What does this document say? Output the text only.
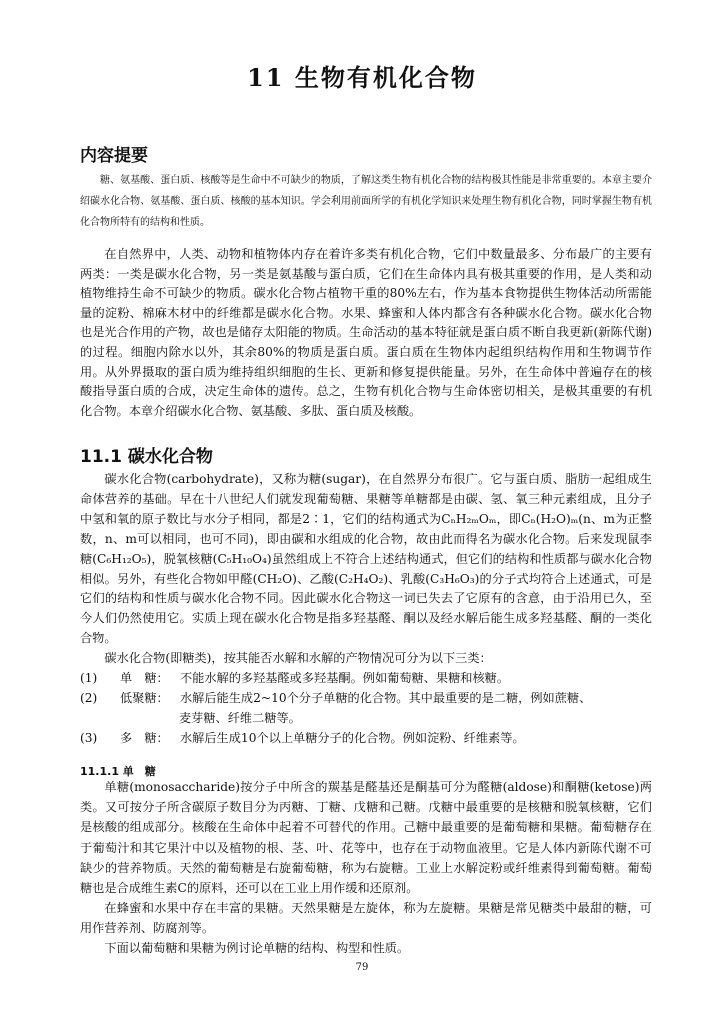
11 生物有机化合物
内容提要

糖、氨基酸、蛋白质、核酸等是生命中不可缺少的物质，了解这类生物有机化合物的结构极其性能是非常重要的。本章主要介绍碳水化合物、氨基酸、蛋白质、核酸的基本知识。学会利用前面所学的有机化学知识来处理生物有机化合物，同时掌握生物有机化合物所特有的结构和性质。

在自然界中，人类、动物和植物体内存在着许多类有机化合物，它们中数量最多、分布最广的主要有两类：一类是碳水化合物，另一类是氨基酸与蛋白质，它们在生命体内具有极其重要的作用，是人类和动植物维持生命不可缺少的物质。碳水化合物占植物干重的80%左右，作为基本食物提供生物体活动所需能量的淀粉、棉麻木材中的纤维都是碳水化合物。水果、蜂蜜和人体内都含有各种碳水化合物。碳水化合物也是光合作用的产物，故也是储存太阳能的物质。生命活动的基本特征就是蛋白质不断自我更新(新陈代谢)的过程。细胞内除水以外，其余80%的物质是蛋白质。蛋白质在生物体内起组织结构作用和生物调节作用。从外界摄取的蛋白质为维持组织细胞的生长、更新和修复提供能量。另外，在生命体中普遍存在的核酸指导蛋白质的合成，决定生命体的遗传。总之，生物有机化合物与生命体密切相关，是极其重要的有机化合物。本章介绍碳水化合物、氨基酸、多肽、蛋白质及核酸。

11.1 碳水化合物

碳水化合物(carbohydrate)，又称为糖(sugar)，在自然界分布很广。它与蛋白质、脂肪一起组成生命体营养的基础。早在十八世纪人们就发现葡萄糖、果糖等单糖都是由碳、氢、氧三种元素组成，且分子中氢和氧的原子数比与水分子相同，都是2∶1，它们的结构通式为CₙH₂ₘOₘ，即Cₙ(H₂O)ₘ(n、m为正整数，n、m可以相同，也可不同)，即由碳和水组成的化合物，故由此而得名为碳水化合物。后来发现鼠李糖(C₆H₁₂O₅)，脱氧核糖(C₅H₁₀O₄)虽然组成上不符合上述结构通式，但它们的结构和性质都与碳水化合物相似。另外，有些化合物如甲醛(CH₂O)、乙酸(C₂H₄O₂)、乳酸(C₃H₆O₃)的分子式均符合上述通式，可是它们的结构和性质与碳水化合物不同。因此碳水化合物这一词已失去了它原有的含意，由于沿用已久，至今人们仍然使用它。实质上现在碳水化合物是指多羟基醛、酮以及经水解后能生成多羟基醛、酮的一类化合物。

碳水化合物(即糖类)，按其能否水解和水解的产物情况可分为以下三类：

(1) 单　糖： 不能水解的多羟基醛或多羟基酮。例如葡萄糖、果糖和核糖。

(2) 低聚糖： 水解后能生成2~10个分子单糖的化合物。其中最重要的是二糖，例如蔗糖、

麦芽糖、纤维二糖等。

(3) 多　糖： 水解后生成10个以上单糖分子的化合物。例如淀粉、纤维素等。

11.1.1 单　糖

单糖(monosaccharide)按分子中所含的羰基是醛基还是酮基可分为醛糖(aldose)和酮糖(ketose)两类。又可按分子所含碳原子数目分为丙糖、丁糖、戊糖和己糖。戊糖中最重要的是核糖和脱氧核糖，它们是核酸的组成部分。核酸在生命体中起着不可替代的作用。己糖中最重要的是葡萄糖和果糖。葡萄糖存在于葡萄汁和其它果汁中以及植物的根、茎、叶、花等中，也存在于动物血液里。它是人体内新陈代谢不可缺少的营养物质。天然的葡萄糖是右旋葡萄糖，称为右旋糖。工业上水解淀粉或纤维素得到葡萄糖。葡萄糖也是合成维生素C的原料，还可以在工业上用作缓和还原剂。

在蜂蜜和水果中存在丰富的果糖。天然果糖是左旋体，称为左旋糖。果糖是常见糖类中最甜的糖，可用作营养剂、防腐剂等。

下面以葡萄糖和果糖为例讨论单糖的结构、构型和性质。

79
